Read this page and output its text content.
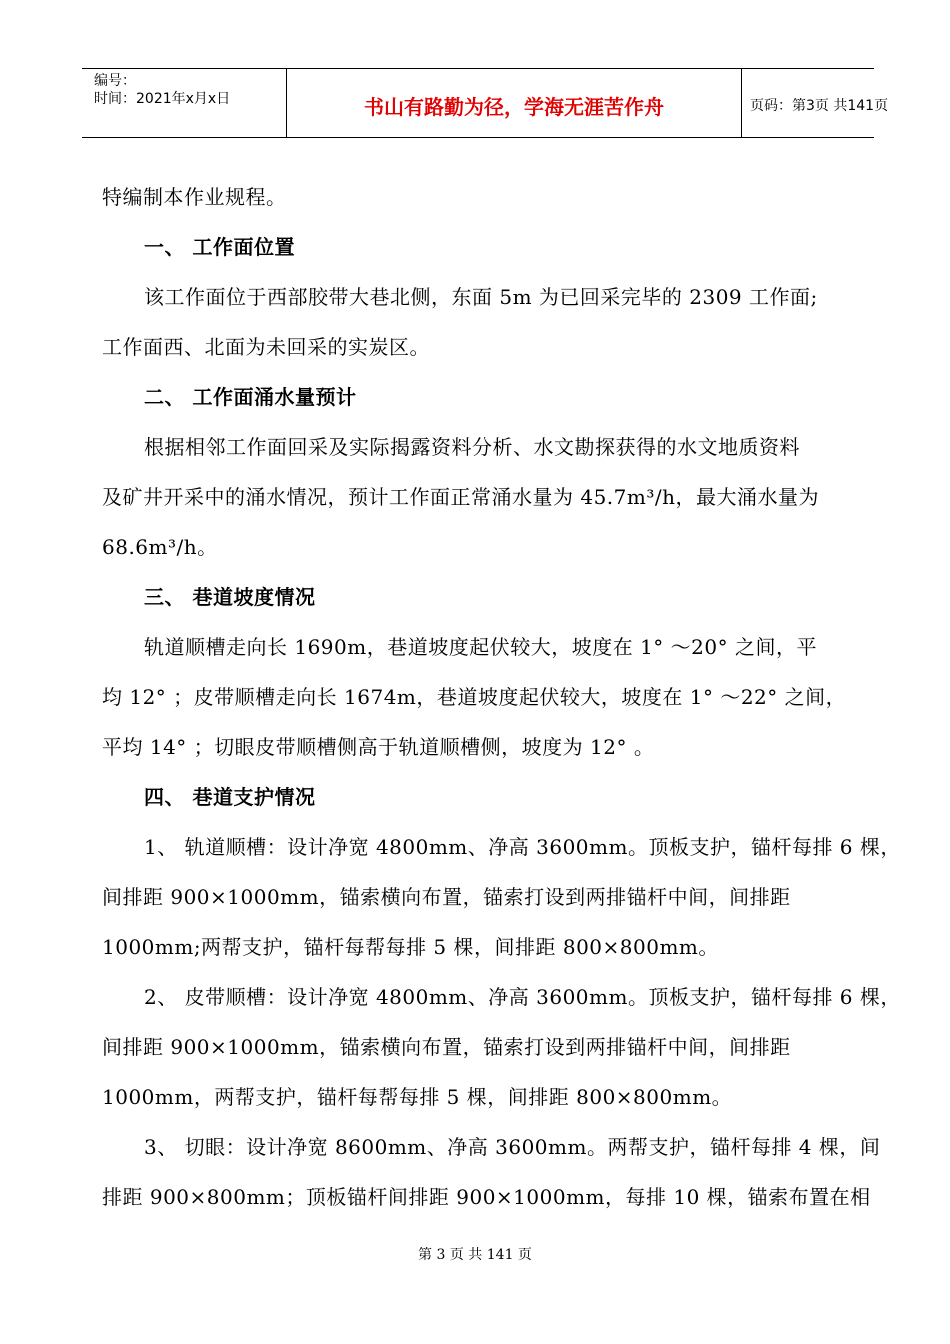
编号：
时间：2021年x月x日	书山有路勤为径，学海无涯苦作舟	页码：第3页 共141页
特编制本作业规程。
一、 工作面位置
该工作面位于西部胶带大巷北侧，东面 5m 为已回采完毕的 2309 工作面;
工作面西、北面为未回采的实炭区。
二、 工作面涌水量预计
根据相邻工作面回采及实际揭露资料分析、水文勘探获得的水文地质资料
及矿井开采中的涌水情况，预计工作面正常涌水量为 45.7m³/h，最大涌水量为
68.6m³/h。
三、 巷道坡度情况
轨道顺槽走向长 1690m，巷道坡度起伏较大，坡度在 1° ～20° 之间，平
均 12° ；皮带顺槽走向长 1674m，巷道坡度起伏较大，坡度在 1° ～22° 之间，
平均 14° ；切眼皮带顺槽侧高于轨道顺槽侧，坡度为 12° 。
四、 巷道支护情况
1、 轨道顺槽：设计净宽 4800mm、净高 3600mm。顶板支护，锚杆每排 6 棵，
间排距 900×1000mm，锚索横向布置，锚索打设到两排锚杆中间，间排距
1000mm;两帮支护，锚杆每帮每排 5 棵，间排距 800×800mm。
2、 皮带顺槽：设计净宽 4800mm、净高 3600mm。顶板支护，锚杆每排 6 棵，
间排距 900×1000mm，锚索横向布置，锚索打设到两排锚杆中间，间排距
1000mm，两帮支护，锚杆每帮每排 5 棵，间排距 800×800mm。
3、 切眼：设计净宽 8600mm、净高 3600mm。两帮支护，锚杆每排 4 棵，间
排距 900×800mm；顶板锚杆间排距 900×1000mm，每排 10 棵，锚索布置在相
第 3 页 共 141 页
